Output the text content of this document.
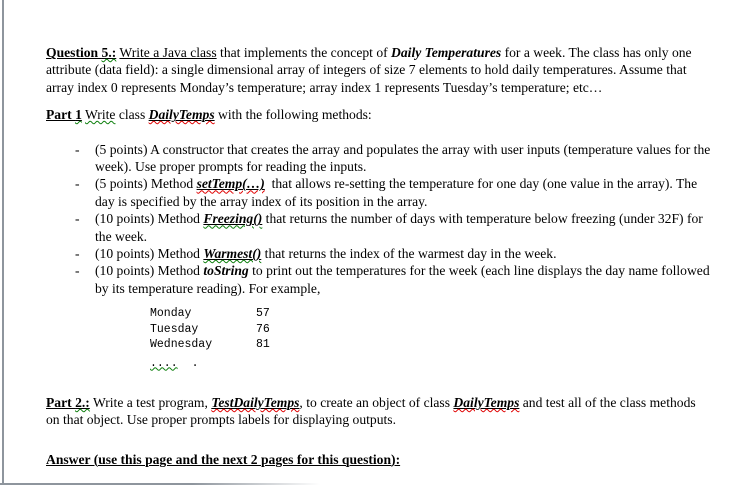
Question 5.: Write a Java class that implements the concept of Daily Temperatures for a week. The class has only one attribute (data field): a single dimensional array of integers of size 7 elements to hold daily temperatures. Assume that array index 0 represents Monday’s temperature; array index 1 represents Tuesday’s temperature; etc…

Part 1 Write class DailyTemps with the following methods:

-	(5 points) A constructor that creates the array and populates the array with user inputs (temperature values for the week). Use proper prompts for reading the inputs.
-	(5 points) Method setTemp(…)  that allows re-setting the temperature for one day (one value in the array). The day is specified by the array index of its position in the array.
-	(10 points) Method Freezing() that returns the number of days with temperature below freezing (under 32F) for the week.
-	(10 points) Method Warmest() that returns the index of the warmest day in the week.
-	(10 points) Method toString to print out the temperatures for the week (each line displays the day name followed by its temperature reading). For example,
Monday	57
Tuesday	76
Wednesday	81
.... .

Part 2.: Write a test program, TestDailyTemps, to create an object of class DailyTemps and test all of the class methods on that object. Use proper prompts labels for displaying outputs.

Answer (use this page and the next 2 pages for this question):
